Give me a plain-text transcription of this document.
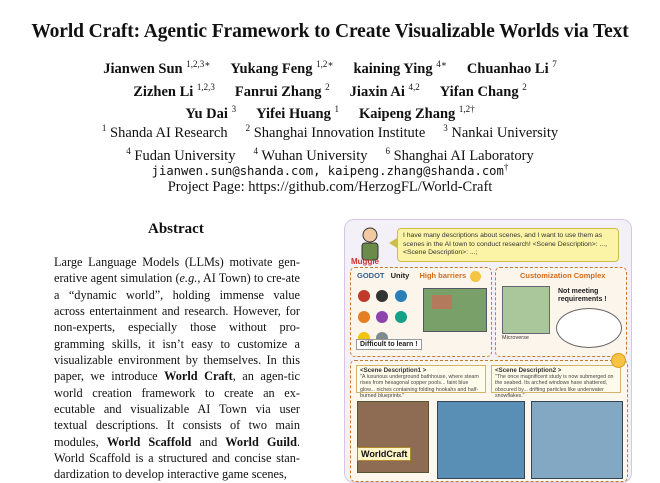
World Craft: Agentic Framework to Create Visualizable Worlds via Text
Jianwen Sun $^{1,2,3∗}$ Yukang Feng $^{1,2∗}$ kaining Ying $^{4∗}$ Chuanhao Li $^7$
Zizhen Li $^{1,2,3}$ Fanrui Zhang $^2$ Jiaxin Ai $^{4,2}$ Yifan Chang $^2$
Yu Dai $^3$ Yifei Huang $^1$ Kaipeng Zhang $^{1,2\dagger}$
$^1$ Shanda AI Research $^2$ Shanghai Innovation Institute $^3$ Nankai University
$^4$ Fudan University $^4$ Wuhan University $^6$ Shanghai AI Laboratory
jianwen.sun@shanda.com, kaipeng.zhang@shanda.com†
Project Page: https://github.com/HerzogFL/World-Craft
Abstract
Large Language Models (LLMs) motivate gen-erative agent simulation (e.g., AI Town) to cre-ate a “dynamic world”, holding immense value across entertainment and research. However, for non-experts, especially those without pro-gramming skills, it isn’t easy to customize a visualizable environment by themselves. In this paper, we introduce World Craft, an agen-tic world creation framework to create an ex-ecutable and visualizable AI Town via user textual descriptions. It consists of two main modules, World Scaffold and World Guild. World Scaffold is a structured and concise stan-dardization to develop interactive game scenes,
Muggle
I have many descriptions about scenes, and I want to use them as scenes in the AI town to conduct research! <Scene Description>: ..., <Scene Description>: ...;
GODOT Unity High barriers

Difficult to learn !
Customization Complex
Microverse
Not meeting requirements !
<Scene Description1 >
"A luxurious underground bathhouse, where steam rises from hexagonal copper pools... faint blue glow... niches containing folding hookahs and half-burned blueprints."
<Scene Description2 >
"The once magnificent study is now submerged on the seabed. Its arched windows have shattered, obscured by... drifting particles like underwater snowflakes."
WorldCraft
